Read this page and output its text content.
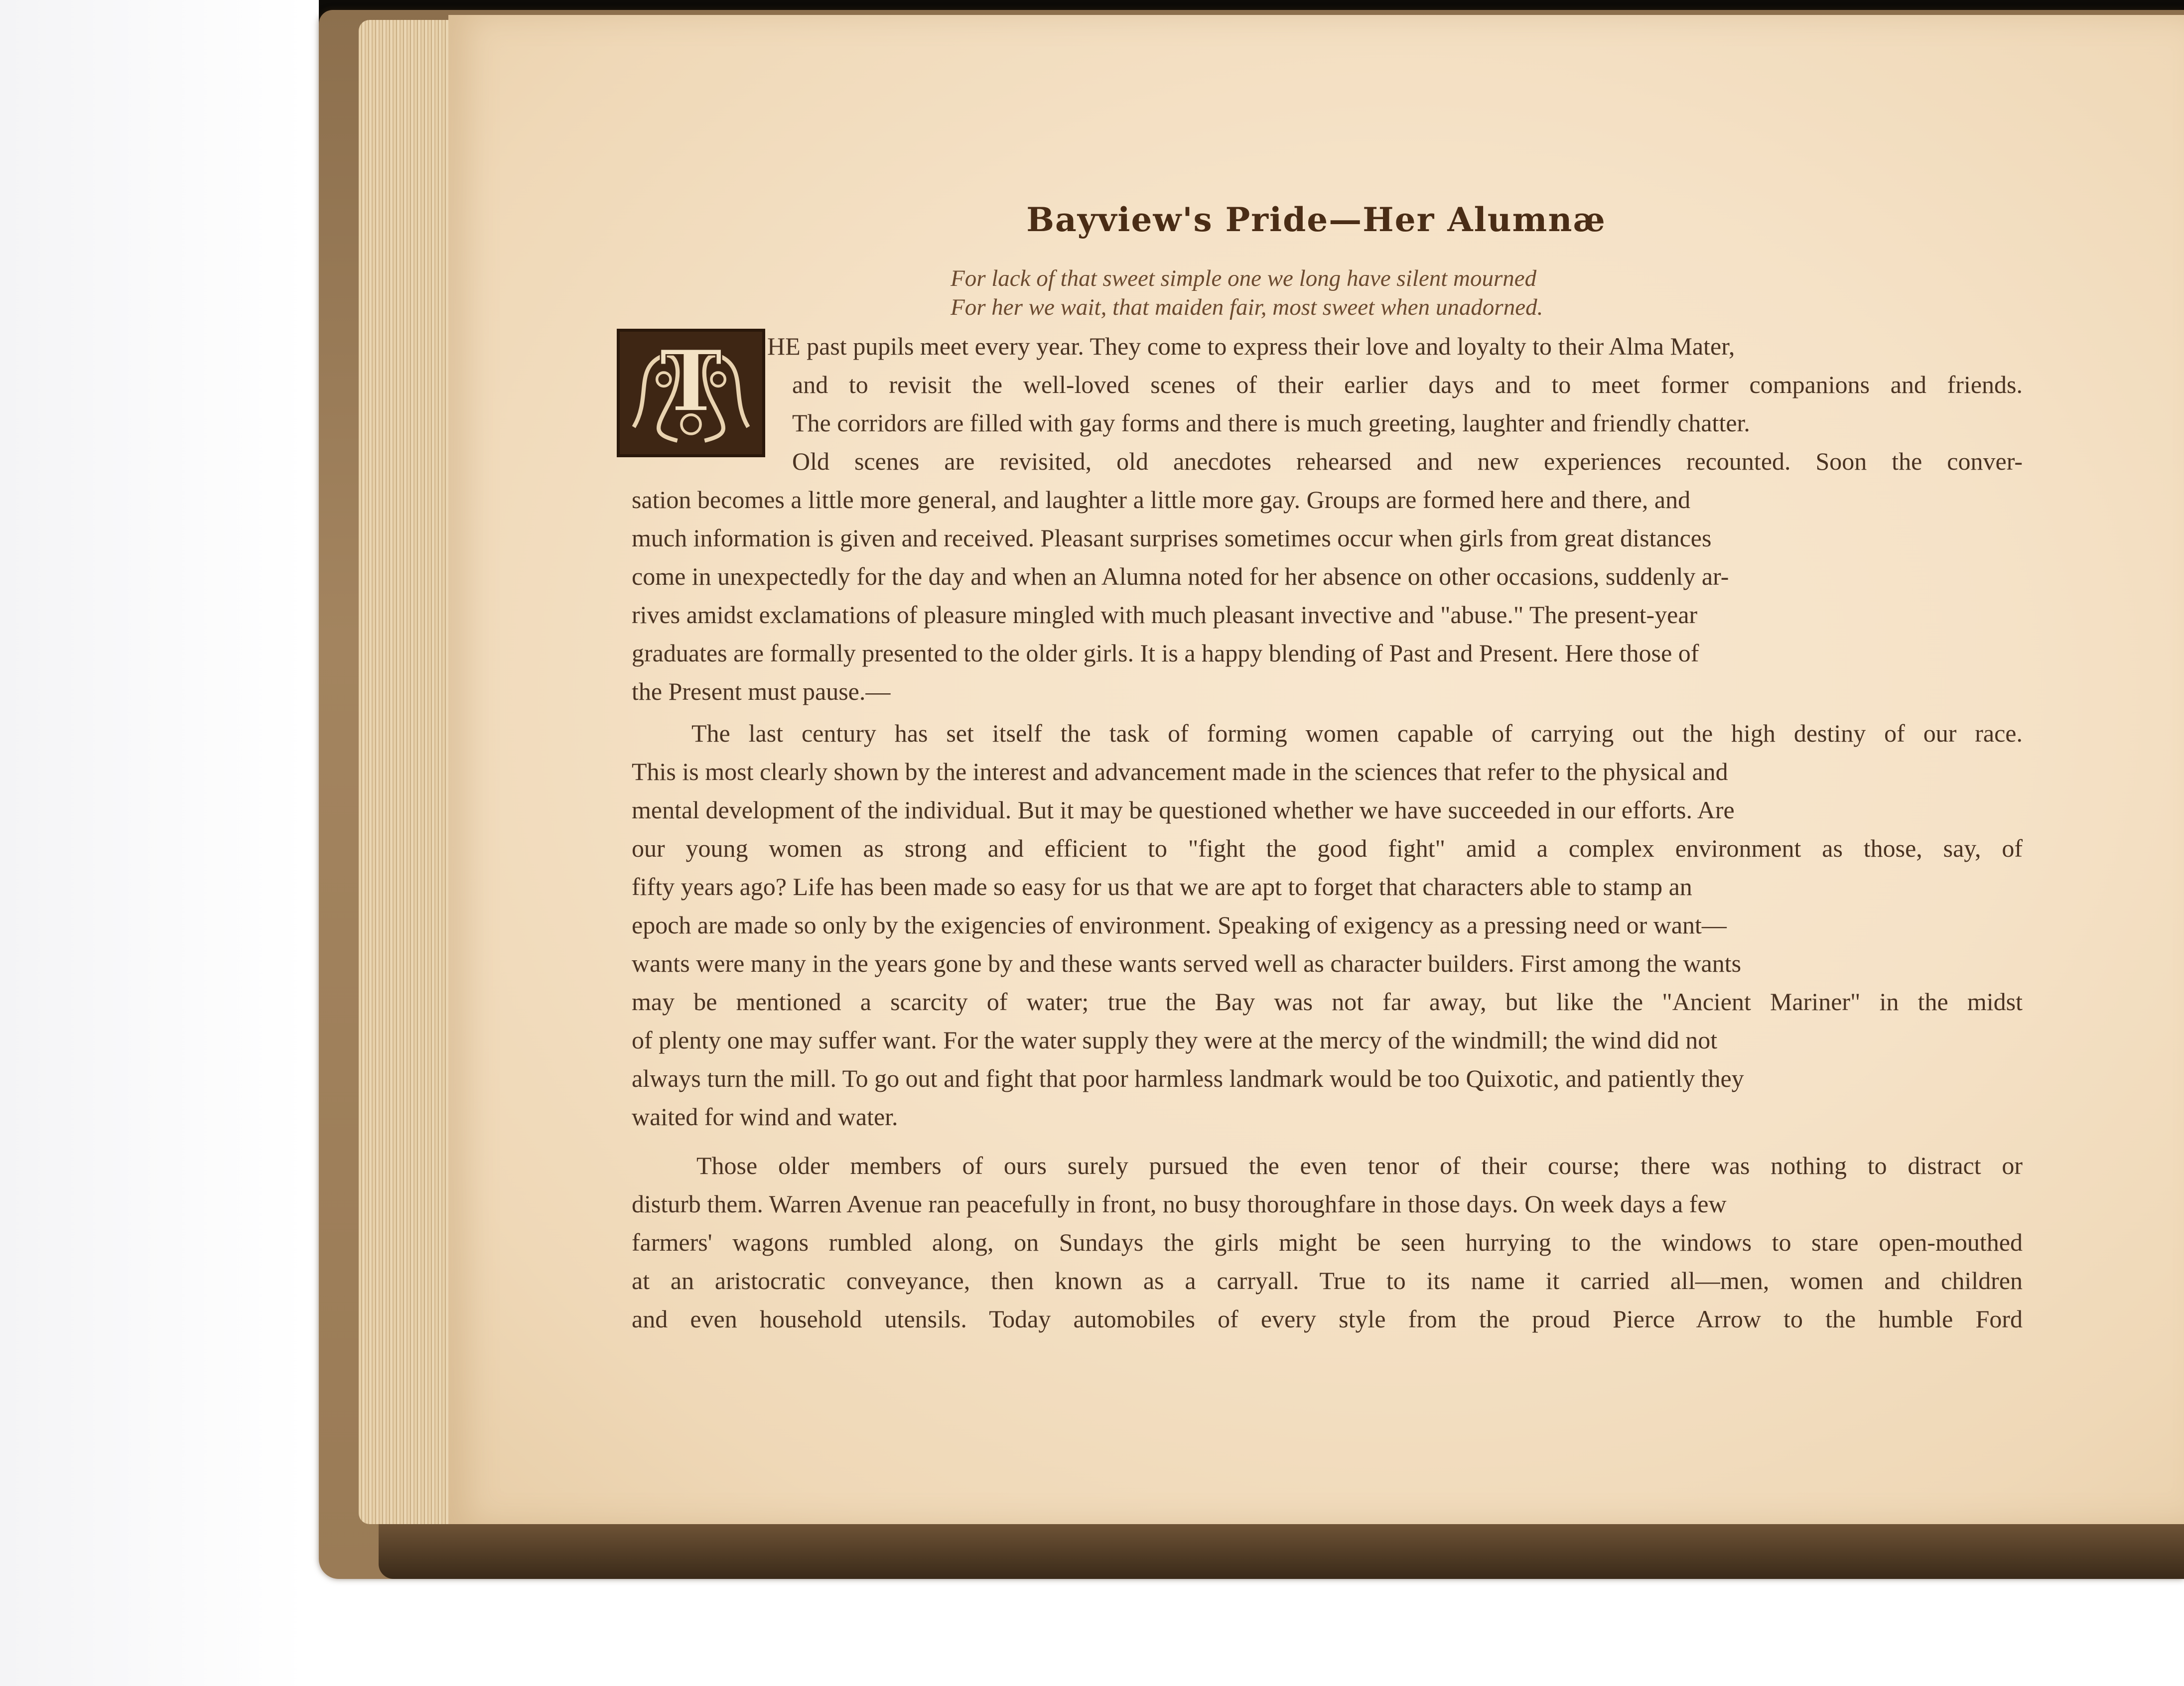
Bayview's Pride—Her Alumnæ
For lack of that sweet simple one we long have silent mourned
For her we wait, that maiden fair, most sweet when unadorned.
T HE past pupils meet every year. They come to express their love and loyalty to their Alma Mater,
and to revisit the well-loved scenes of their earlier days and to meet former companions and friends.
The corridors are filled with gay forms and there is much greeting, laughter and friendly chatter.
Old scenes are revisited, old anecdotes rehearsed and new experiences recounted. Soon the conver-
sation becomes a little more general, and laughter a little more gay. Groups are formed here and there, and
much information is given and received. Pleasant surprises sometimes occur when girls from great distances
come in unexpectedly for the day and when an Alumna noted for her absence on other occasions, suddenly ar-
rives amidst exclamations of pleasure mingled with much pleasant invective and "abuse." The present-year
graduates are formally presented to the older girls. It is a happy blending of Past and Present. Here those of
the Present must pause.—
The last century has set itself the task of forming women capable of carrying out the high destiny of our race.
This is most clearly shown by the interest and advancement made in the sciences that refer to the physical and
mental development of the individual. But it may be questioned whether we have succeeded in our efforts. Are
our young women as strong and efficient to "fight the good fight" amid a complex environment as those, say, of
fifty years ago? Life has been made so easy for us that we are apt to forget that characters able to stamp an
epoch are made so only by the exigencies of environment. Speaking of exigency as a pressing need or want—
wants were many in the years gone by and these wants served well as character builders. First among the wants
may be mentioned a scarcity of water; true the Bay was not far away, but like the "Ancient Mariner" in the midst
of plenty one may suffer want. For the water supply they were at the mercy of the windmill; the wind did not
always turn the mill. To go out and fight that poor harmless landmark would be too Quixotic, and patiently they
waited for wind and water.
Those older members of ours surely pursued the even tenor of their course; there was nothing to distract or
disturb them. Warren Avenue ran peacefully in front, no busy thoroughfare in those days. On week days a few
farmers' wagons rumbled along, on Sundays the girls might be seen hurrying to the windows to stare open-mouthed
at an aristocratic conveyance, then known as a carryall. True to its name it carried all—men, women and children
and even household utensils. Today automobiles of every style from the proud Pierce Arrow to the humble Ford
